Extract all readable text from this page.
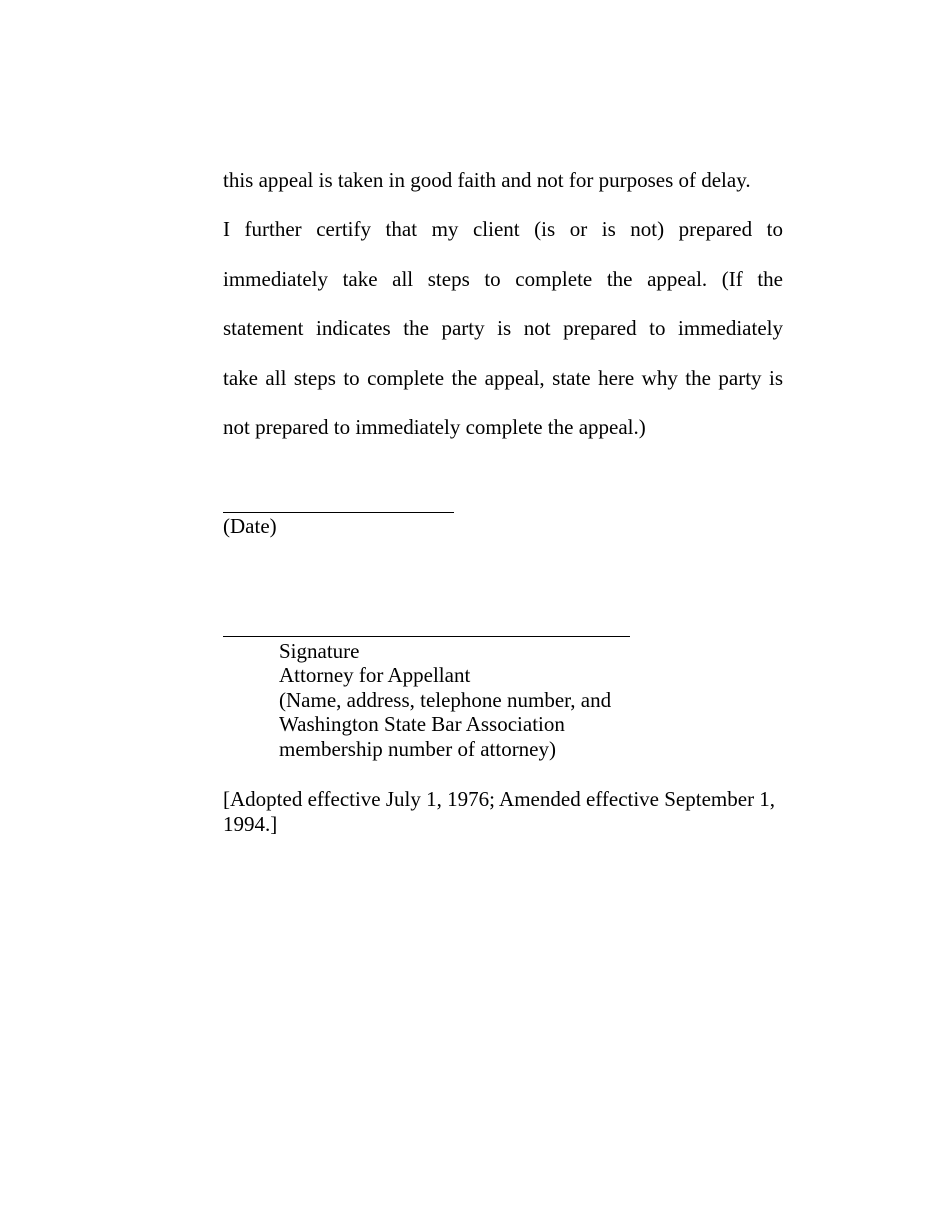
this appeal is taken in good faith and not for purposes of delay.
I further certify that my client (is or is not) prepared to
immediately take all steps to complete the appeal. (If the
statement indicates the party is not prepared to immediately
take all steps to complete the appeal, state here why the party is
not prepared to immediately complete the appeal.)
(Date)
Signature
Attorney for Appellant
(Name, address, telephone number, and
Washington State Bar Association
membership number of attorney)
[Adopted effective July 1, 1976; Amended effective September 1, 1994.]
